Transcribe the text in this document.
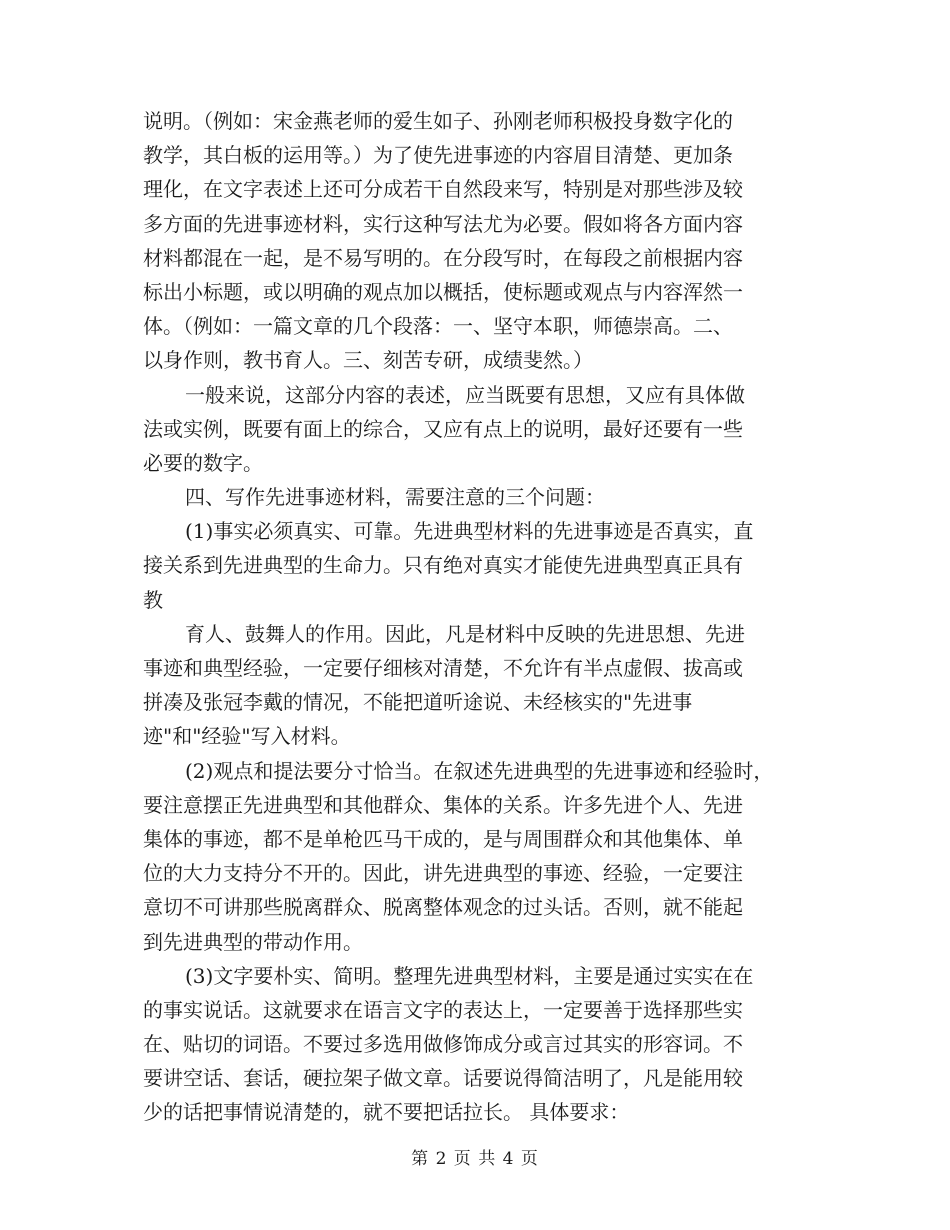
说明。（例如：宋金燕老师的爱生如子、孙刚老师积极投身数字化的
教学，其白板的运用等。）为了使先进事迹的内容眉目清楚、更加条
理化，在文字表述上还可分成若干自然段来写，特别是对那些涉及较
多方面的先进事迹材料，实行这种写法尤为必要。假如将各方面内容
材料都混在一起，是不易写明的。在分段写时，在每段之前根据内容
标出小标题，或以明确的观点加以概括，使标题或观点与内容浑然一
体。（例如：一篇文章的几个段落：一、坚守本职，师德崇高。二、
以身作则，教书育人。三、刻苦专研，成绩斐然。）
一般来说，这部分内容的表述，应当既要有思想，又应有具体做
法或实例，既要有面上的综合，又应有点上的说明，最好还要有一些
必要的数字。
四、写作先进事迹材料，需要注意的三个问题：
(1)事实必须真实、可靠。先进典型材料的先进事迹是否真实，直
接关系到先进典型的生命力。只有绝对真实才能使先进典型真正具有
教
育人、鼓舞人的作用。因此，凡是材料中反映的先进思想、先进
事迹和典型经验，一定要仔细核对清楚，不允许有半点虚假、拔高或
拼凑及张冠李戴的情况，不能把道听途说、未经核实的"先进事
迹"和"经验"写入材料。
(2)观点和提法要分寸恰当。在叙述先进典型的先进事迹和经验时，
要注意摆正先进典型和其他群众、集体的关系。许多先进个人、先进
集体的事迹，都不是单枪匹马干成的，是与周围群众和其他集体、单
位的大力支持分不开的。因此，讲先进典型的事迹、经验，一定要注
意切不可讲那些脱离群众、脱离整体观念的过头话。否则，就不能起
到先进典型的带动作用。
(3)文字要朴实、简明。整理先进典型材料，主要是通过实实在在
的事实说话。这就要求在语言文字的表达上，一定要善于选择那些实
在、贴切的词语。不要过多选用做修饰成分或言过其实的形容词。不
要讲空话、套话，硬拉架子做文章。话要说得简洁明了，凡是能用较
少的话把事情说清楚的，就不要把话拉长。 具体要求：
第 2 页 共 4 页
